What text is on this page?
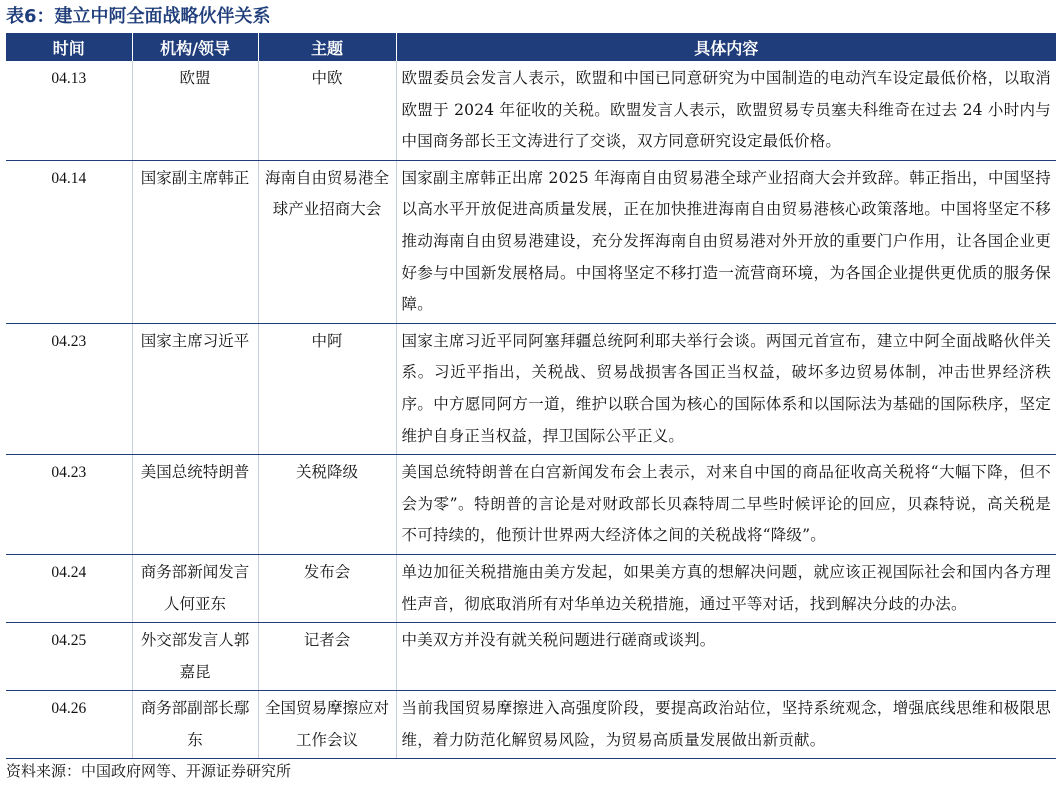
表6：建立中阿全面战略伙伴关系
时间	机构/领导	主题	具体内容
04.13	欧盟	中欧	欧盟委员会发言人表示，欧盟和中国已同意研究为中国制造的电动汽车设定最低价格，以取消欧盟于 2024 年征收的关税。欧盟发言人表示，欧盟贸易专员塞夫科维奇在过去 24 小时内与中国商务部长王文涛进行了交谈，双方同意研究设定最低价格。
04.14	国家副主席韩正	海南自由贸易港全球产业招商大会	国家副主席韩正出席 2025 年海南自由贸易港全球产业招商大会并致辞。韩正指出，中国坚持以高水平开放促进高质量发展，正在加快推进海南自由贸易港核心政策落地。中国将坚定不移推动海南自由贸易港建设，充分发挥海南自由贸易港对外开放的重要门户作用，让各国企业更好参与中国新发展格局。中国将坚定不移打造一流营商环境，为各国企业提供更优质的服务保障。
04.23	国家主席习近平	中阿	国家主席习近平同阿塞拜疆总统阿利耶夫举行会谈。两国元首宣布，建立中阿全面战略伙伴关系。习近平指出，关税战、贸易战损害各国正当权益，破坏多边贸易体制，冲击世界经济秩序。中方愿同阿方一道，维护以联合国为核心的国际体系和以国际法为基础的国际秩序，坚定维护自身正当权益，捍卫国际公平正义。
04.23	美国总统特朗普	关税降级	美国总统特朗普在白宫新闻发布会上表示，对来自中国的商品征收高关税将“大幅下降，但不会为零”。特朗普的言论是对财政部长贝森特周二早些时候评论的回应，贝森特说，高关税是不可持续的，他预计世界两大经济体之间的关税战将“降级”。
04.24	商务部新闻发言人何亚东	发布会	单边加征关税措施由美方发起，如果美方真的想解决问题，就应该正视国际社会和国内各方理性声音，彻底取消所有对华单边关税措施，通过平等对话，找到解决分歧的办法。
04.25	外交部发言人郭嘉昆	记者会	中美双方并没有就关税问题进行磋商或谈判。
04.26	商务部副部长鄢东	全国贸易摩擦应对工作会议	当前我国贸易摩擦进入高强度阶段，要提高政治站位，坚持系统观念，增强底线思维和极限思维，着力防范化解贸易风险，为贸易高质量发展做出新贡献。
资料来源：中国政府网等、开源证券研究所
